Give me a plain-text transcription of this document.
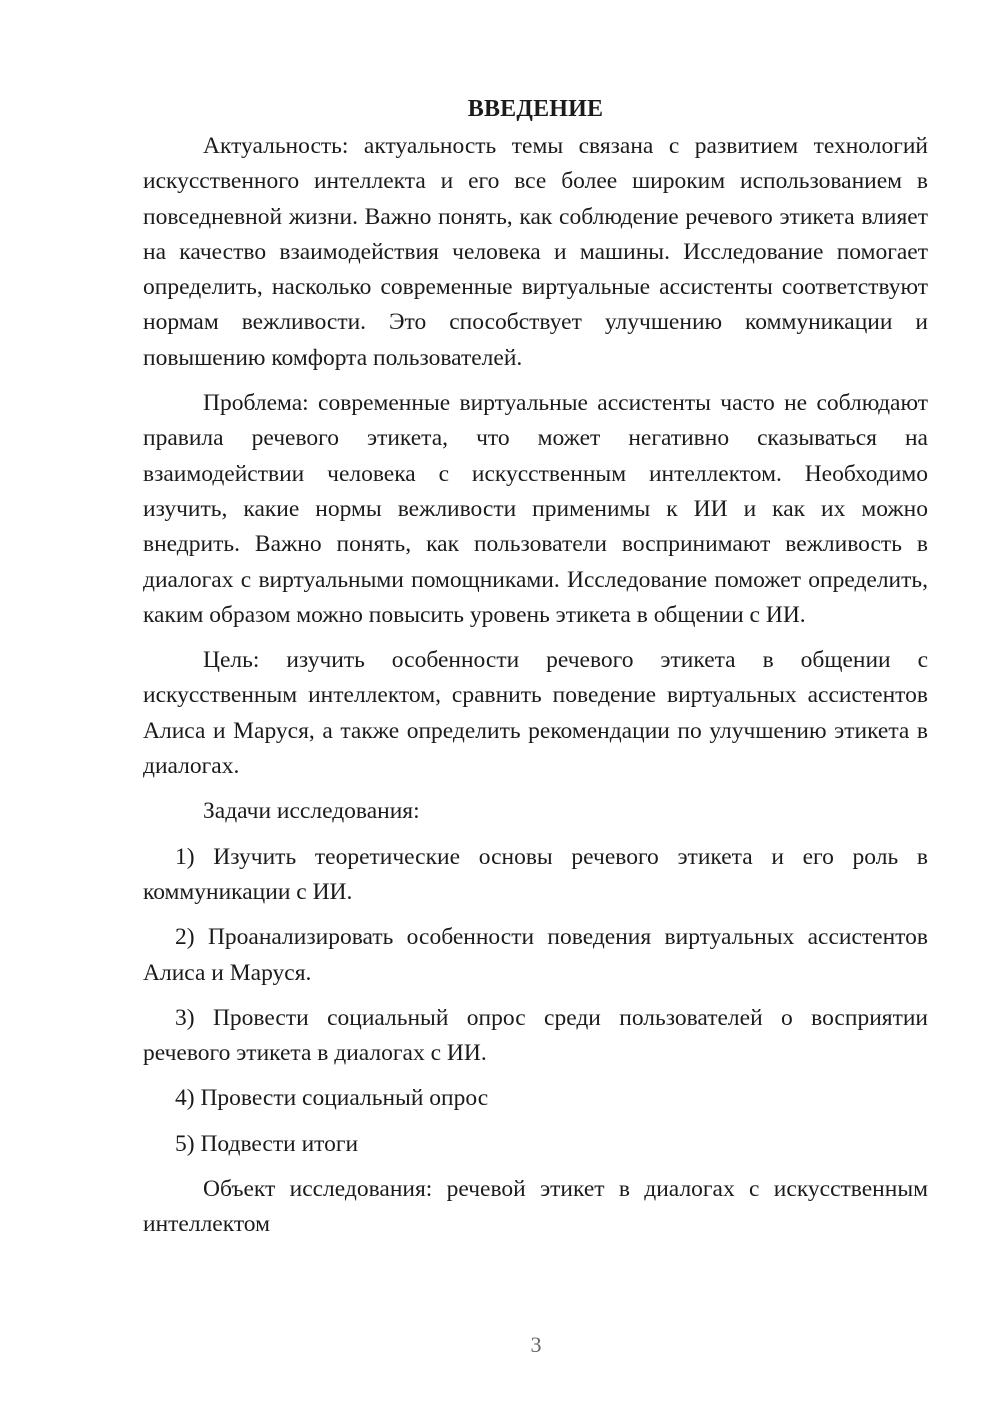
ВВЕДЕНИЕ

Актуальность: актуальность темы связана с развитием технологий искусственного интеллекта и его все более широким использованием в повседневной жизни. Важно понять, как соблюдение речевого этикета влияет на качество взаимодействия человека и машины. Исследование помогает определить, насколько современные виртуальные ассистенты соответствуют нормам вежливости. Это способствует улучшению коммуникации и повышению комфорта пользователей.

Проблема: современные виртуальные ассистенты часто не соблюдают правила речевого этикета, что может негативно сказываться на взаимодействии человека с искусственным интеллектом. Необходимо изучить, какие нормы вежливости применимы к ИИ и как их можно внедрить. Важно понять, как пользователи воспринимают вежливость в диалогах с виртуальными помощниками. Исследование поможет определить, каким образом можно повысить уровень этикета в общении с ИИ.

Цель: изучить особенности речевого этикета в общении с искусственным интеллектом, сравнить поведение виртуальных ассистентов Алиса и Маруся, а также определить рекомендации по улучшению этикета в диалогах.

Задачи исследования:

1) Изучить теоретические основы речевого этикета и его роль в коммуникации с ИИ.

2) Проанализировать особенности поведения виртуальных ассистентов Алиса и Маруся.

3) Провести социальный опрос среди пользователей о восприятии речевого этикета в диалогах с ИИ.

4) Провести социальный опрос

5) Подвести итоги

Объект исследования: речевой этикет в диалогах с искусственным интеллектом

3
